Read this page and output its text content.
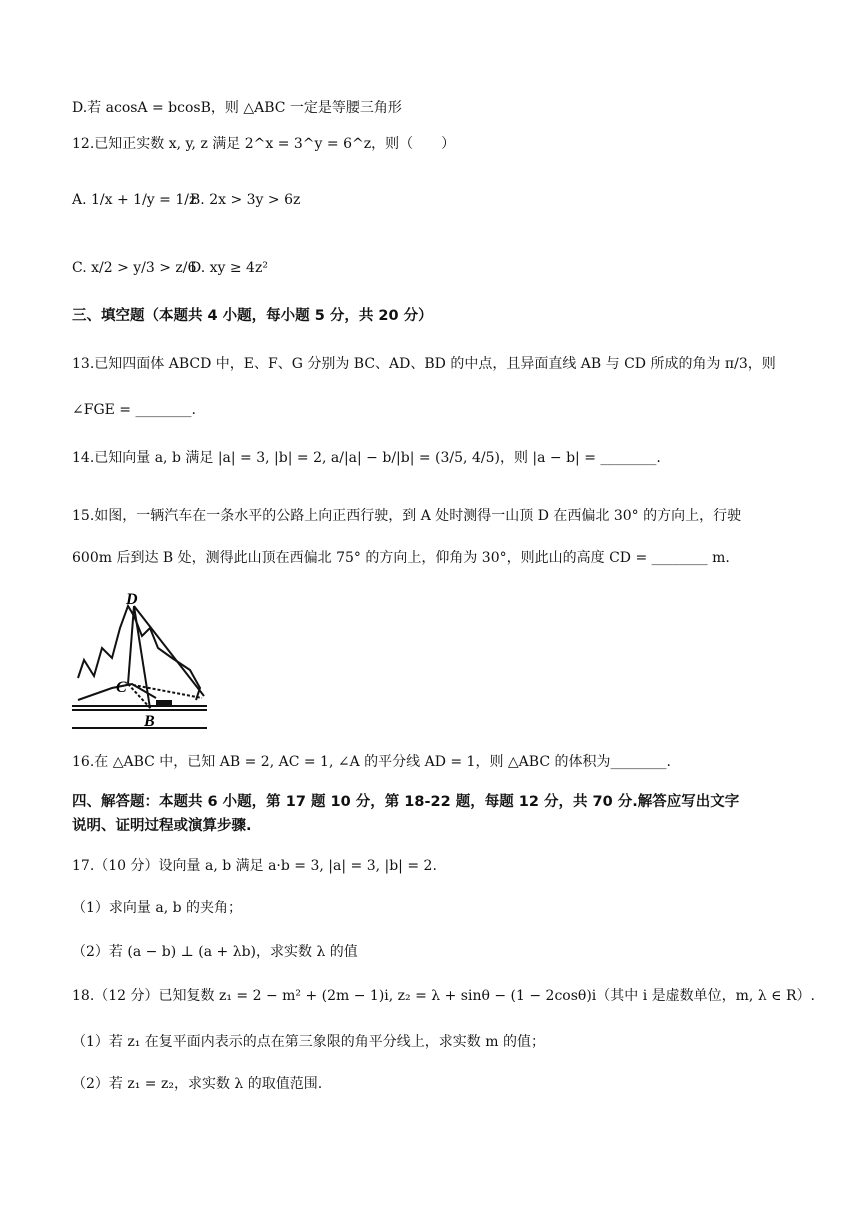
D.若 acosA = bcosB，则 △ABC 一定是等腰三角形
12.已知正实数 x, y, z 满足 2^x = 3^y = 6^z，则（　　）
A. 1/x + 1/y = 1/z
B. 2x > 3y > 6z
C. x/2 > y/3 > z/6
D. xy ≥ 4z²
三、填空题（本题共 4 小题，每小题 5 分，共 20 分）
13.已知四面体 ABCD 中，E、F、G 分别为 BC、AD、BD 的中点，且异面直线 AB 与 CD 所成的角为 π/3，则
∠FGE = ________.
14.已知向量 a, b 满足 |a| = 3, |b| = 2, a/|a| − b/|b| = (3/5, 4/5)，则 |a − b| = ________.
15.如图，一辆汽车在一条水平的公路上向正西行驶，到 A 处时测得一山顶 D 在西偏北 30° 的方向上，行驶
600m 后到达 B 处，测得此山顶在西偏北 75° 的方向上，仰角为 30°，则此山的高度 CD = ________ m.
D
C
B
16.在 △ABC 中，已知 AB = 2, AC = 1, ∠A 的平分线 AD = 1，则 △ABC 的体积为________.
四、解答题：本题共 6 小题，第 17 题 10 分，第 18-22 题，每题 12 分，共 70 分.解答应写出文字
说明、证明过程或演算步骤.
17.（10 分）设向量 a, b 满足 a·b = 3, |a| = 3, |b| = 2.
（1）求向量 a, b 的夹角；
（2）若 (a − b) ⊥ (a + λb)，求实数 λ 的值
18.（12 分）已知复数 z₁ = 2 − m² + (2m − 1)i, z₂ = λ + sinθ − (1 − 2cosθ)i（其中 i 是虚数单位，m, λ ∈ R）.
（1）若 z₁ 在复平面内表示的点在第三象限的角平分线上，求实数 m 的值；
（2）若 z₁ = z₂，求实数 λ 的取值范围.
